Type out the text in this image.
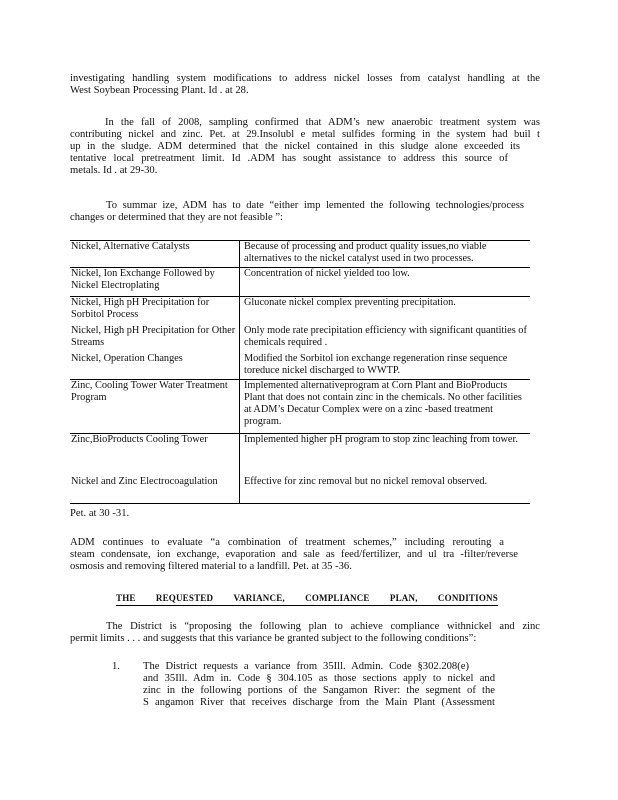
investigating handling system modifications to address nickel losses from catalyst handling at the

West Soybean Processing Plant. Id . at 28.

In the fall of 2008, sampling confirmed that ADM’s new anaerobic treatment system was

contributing nickel and zinc. Pet. at 29.Insolubl e metal sulfides forming in the system had buil t

up in the sludge. ADM determined that the nickel contained in this sludge alone exceeded its

tentative local pretreatment limit. Id .ADM has sought assistance to address this source of

metals. Id . at 29-30.

To summar ize, ADM has to date “either imp lemented the following technologies/process

changes or determined that they are not feasible ”:

Nickel, Alternative Catalysts	Because of processing and product quality issues,no viable alternatives to the nickel catalyst used in two processes.
Nickel, Ion Exchange Followed by Nickel Electroplating	Concentration of nickel yielded too low.
Nickel, High pH Precipitation for Sorbitol Process	Gluconate nickel complex preventing precipitation.
Nickel, High pH Precipitation for Other Streams	Only mode rate precipitation efficiency with significant quantities of chemicals required .
Nickel, Operation Changes	Modified the Sorbitol ion exchange regeneration rinse sequence toreduce nickel discharged to WWTP.
Zinc, Cooling Tower Water Treatment Program	Implemented alternativeprogram at Corn Plant and BioProducts Plant that does not contain zinc in the chemicals. No other facilities at ADM’s Decatur Complex were on a zinc -based treatment program.
Zinc,BioProducts Cooling Tower	Implemented higher pH program to stop zinc leaching from tower.
Nickel and Zinc Electrocoagulation	Effective for zinc removal but no nickel removal observed.

Pet. at 30 -31.

ADM continues to evaluate “a combination of treatment schemes,” including rerouting a

steam condensate, ion exchange, evaporation and sale as feed/fertilizer, and ul tra -filter/reverse

osmosis and removing filtered material to a landfill. Pet. at 35 -36.

THE REQUESTED VARIANCE, COMPLIANCE PLAN, CONDITIONS

The District is “proposing the following plan to achieve compliance withnickel and zinc

permit limits . . . and suggests that this variance be granted subject to the following conditions”:

1. The District requests a variance from 35Ill. Admin. Code §302.208(e)

and 35Ill. Adm in. Code § 304.105 as those sections apply to nickel and

zinc in the following portions of the Sangamon River: the segment of the

S angamon River that receives discharge from the Main Plant (Assessment
